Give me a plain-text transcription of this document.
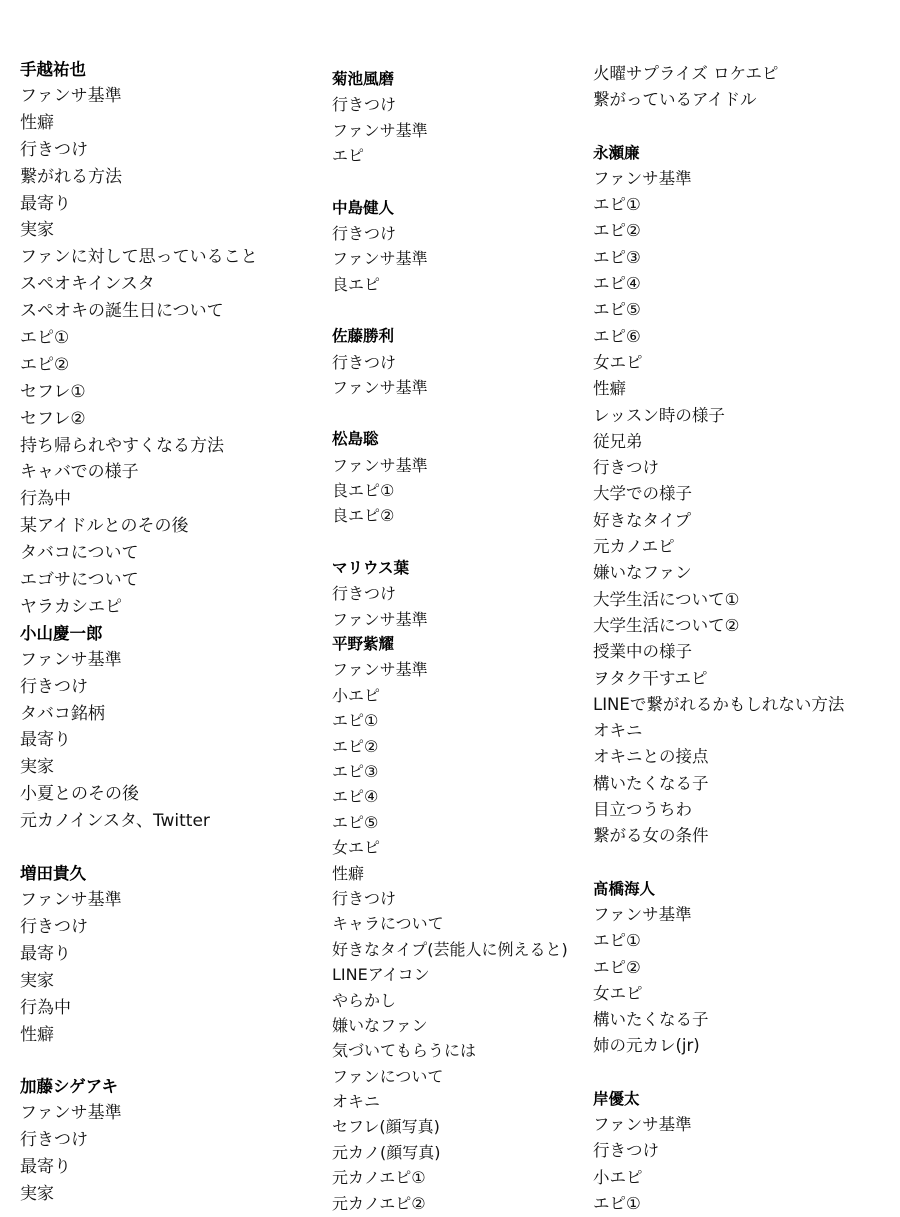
手越祐也
ファンサ基準
性癖
行きつけ
繋がれる方法
最寄り
実家
ファンに対して思っていること
スペオキインスタ
スペオキの誕生日について
エピ①
エピ②
セフレ①
セフレ②
持ち帰られやすくなる方法
キャバでの様子
行為中
某アイドルとのその後
タバコについて
エゴサについて
ヤラカシエピ
小山慶一郎
ファンサ基準
行きつけ
タバコ銘柄
最寄り
実家
小夏とのその後
元カノインスタ、Twitter
増田貴久
ファンサ基準
行きつけ
最寄り
実家
行為中
性癖
加藤シゲアキ
ファンサ基準
行きつけ
最寄り
実家
菊池風磨
行きつけ
ファンサ基準
エピ
中島健人
行きつけ
ファンサ基準
良エピ
佐藤勝利
行きつけ
ファンサ基準
松島聡
ファンサ基準
良エピ①
良エピ②
マリウス葉
行きつけ
ファンサ基準
平野紫耀
ファンサ基準
小エピ
エピ①
エピ②
エピ③
エピ④
エピ⑤
女エピ
性癖
行きつけ
キャラについて
好きなタイプ(芸能人に例えると)
LINEアイコン
やらかし
嫌いなファン
気づいてもらうには
ファンについて
オキニ
セフレ(顔写真)
元カノ(顔写真)
元カノエピ①
元カノエピ②
火曜サプライズ ロケエピ
繋がっているアイドル
永瀬廉
ファンサ基準
エピ①
エピ②
エピ③
エピ④
エピ⑤
エピ⑥
女エピ
性癖
レッスン時の様子
従兄弟
行きつけ
大学での様子
好きなタイプ
元カノエピ
嫌いなファン
大学生活について①
大学生活について②
授業中の様子
ヲタク干すエピ
LINEで繋がれるかもしれない方法
オキニ
オキニとの接点
構いたくなる子
目立つうちわ
繋がる女の条件
髙橋海人
ファンサ基準
エピ①
エピ②
女エピ
構いたくなる子
姉の元カレ(jr)
岸優太
ファンサ基準
行きつけ
小エピ
エピ①
